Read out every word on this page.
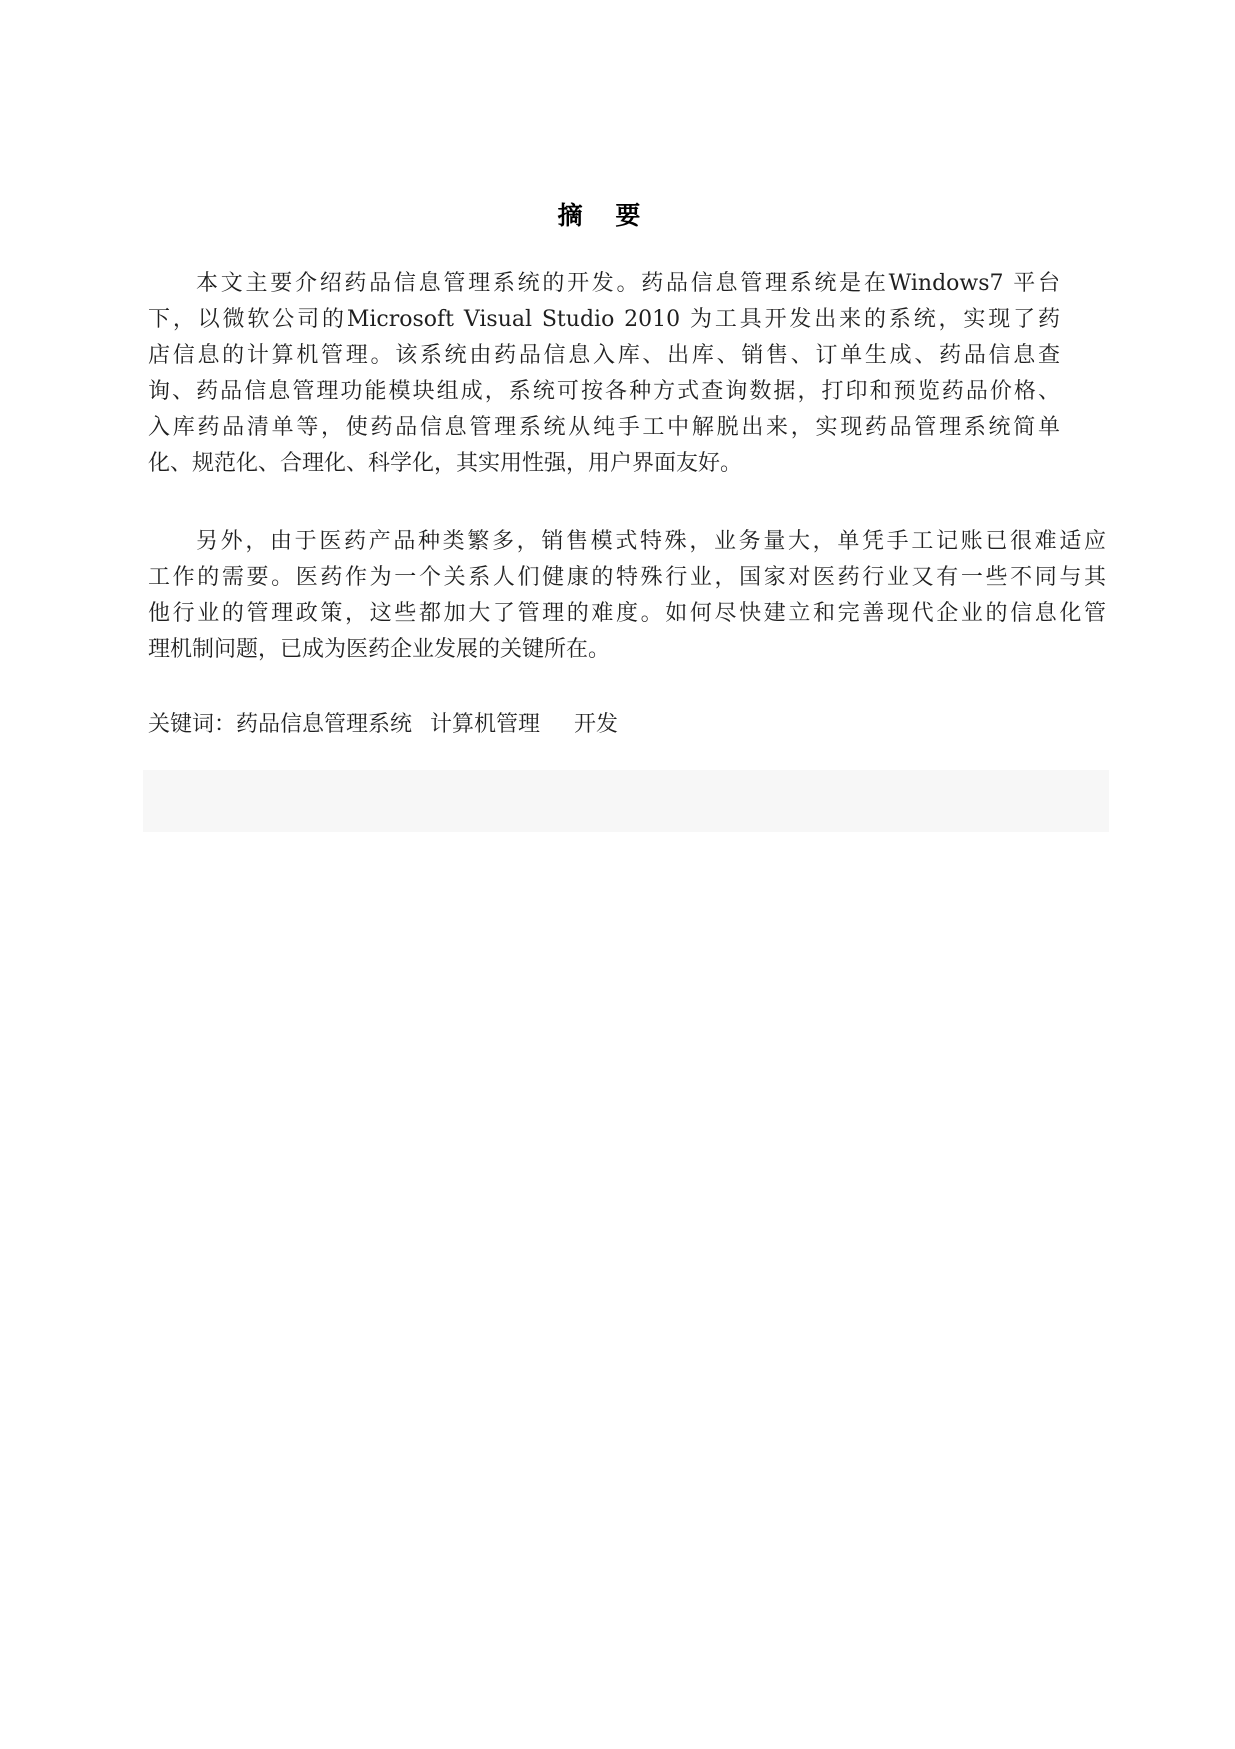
摘 要
本文主要介绍药品信息管理系统的开发。药品信息管理系统是在Windows7 平台
下，以微软公司的Microsoft Visual Studio 2010 为工具开发出来的系统，实现了药
店信息的计算机管理。该系统由药品信息入库、出库、销售、订单生成、药品信息查
询、药品信息管理功能模块组成，系统可按各种方式查询数据，打印和预览药品价格、
入库药品清单等，使药品信息管理系统从纯手工中解脱出来，实现药品管理系统简单
化、规范化、合理化、科学化，其实用性强，用户界面友好。
另外，由于医药产品种类繁多，销售模式特殊，业务量大，单凭手工记账已很难适应
工作的需要。医药作为一个关系人们健康的特殊行业，国家对医药行业又有一些不同与其
他行业的管理政策，这些都加大了管理的难度。如何尽快建立和完善现代企业的信息化管
理机制问题，已成为医药企业发展的关键所在。
关键词：药品信息管理系统 计算机管理 开发
